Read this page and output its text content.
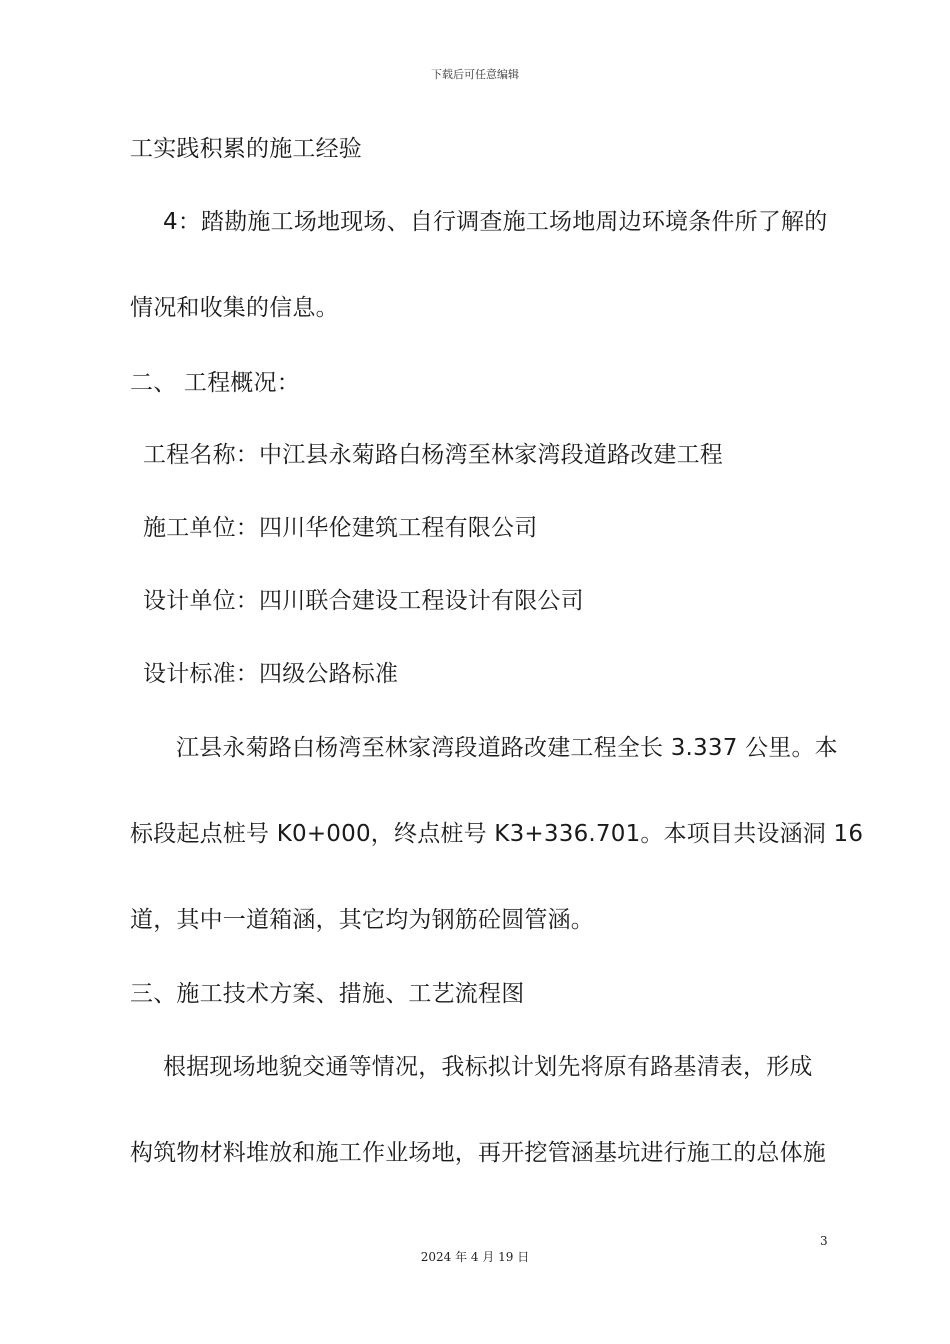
下载后可任意编辑
工实践积累的施工经验
4：踏勘施工场地现场、自行调查施工场地周边环境条件所了解的
情况和收集的信息。
二、 工程概况：
工程名称：中江县永菊路白杨湾至林家湾段道路改建工程
施工单位：四川华伦建筑工程有限公司
设计单位：四川联合建设工程设计有限公司
设计标准：四级公路标准
江县永菊路白杨湾至林家湾段道路改建工程全长 3.337 公里。本
标段起点桩号 K0+000，终点桩号 K3+336.701。本项目共设涵洞 16
道，其中一道箱涵，其它均为钢筋砼圆管涵。
三、施工技术方案、措施、工艺流程图
根据现场地貌交通等情况，我标拟计划先将原有路基清表，形成
构筑物材料堆放和施工作业场地，再开挖管涵基坑进行施工的总体施
3
2024 年 4 月 19 日
